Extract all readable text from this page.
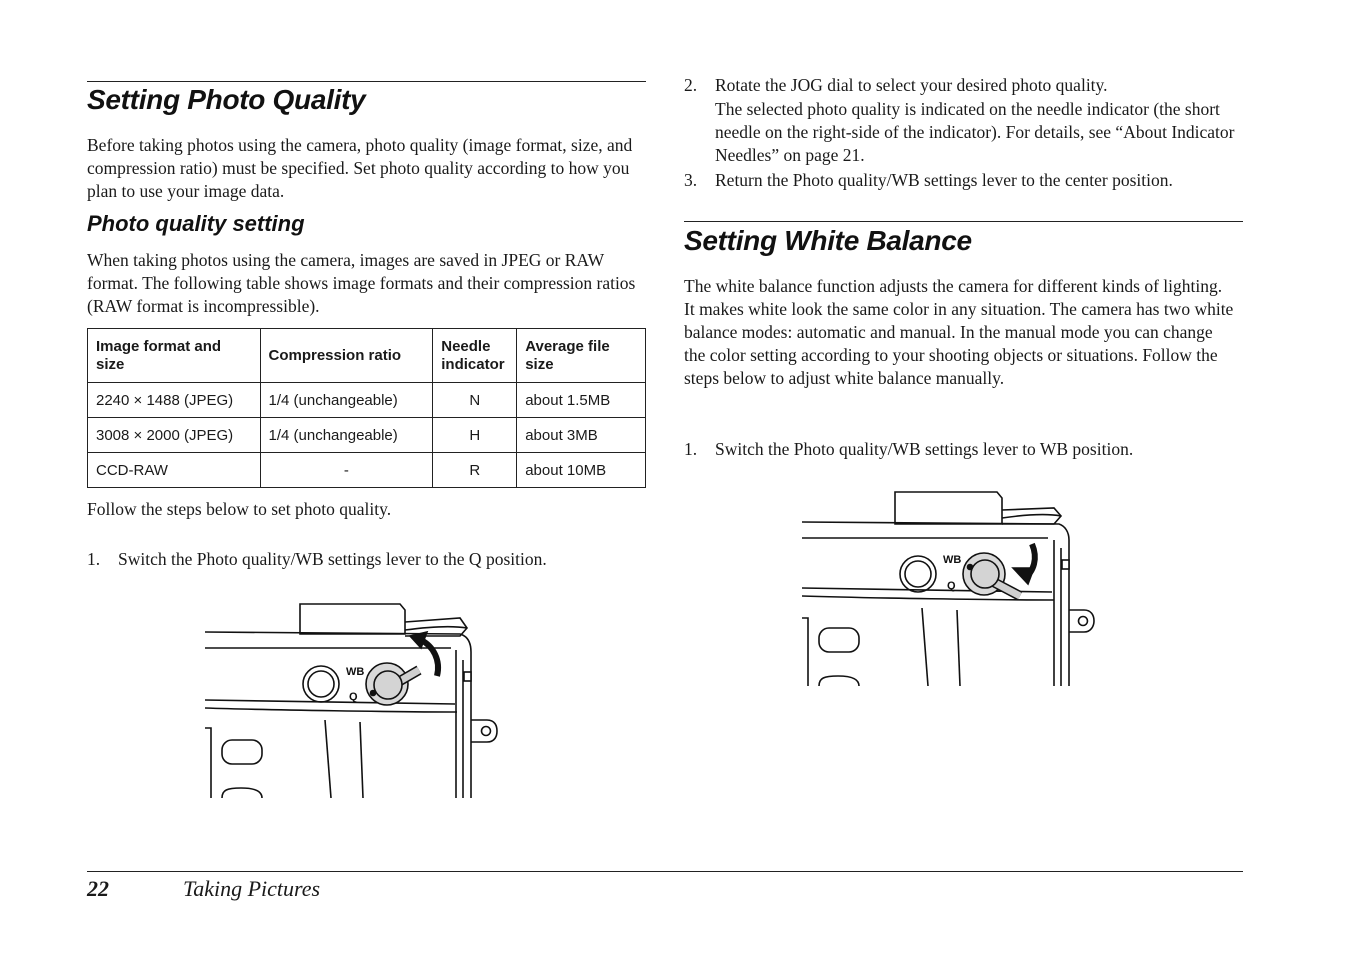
Setting Photo Quality

Before taking photos using the camera, photo quality (image format, size, and compression ratio) must be specified. Set photo quality according to how you plan to use your image data.

Photo quality setting

When taking photos using the camera, images are saved in JPEG or RAW format. The following table shows image formats and their compression ratios (RAW format is incompressible).

Image format and size	Compression ratio	Needle indicator	Average file size
2240 × 1488 (JPEG)	1/4 (unchangeable)	N	about 1.5MB
3008 × 2000 (JPEG)	1/4 (unchangeable)	H	about 3MB
CCD-RAW	-	R	about 10MB

Follow the steps below to set photo quality.

1. Switch the Photo quality/WB settings lever to the Q position.
WB
Q
2. Rotate the JOG dial to select your desired photo quality.
The selected photo quality is indicated on the needle indicator (the short needle on the right-side of the indicator). For details, see “About Indicator Needles” on page 21.
3. Return the Photo quality/WB settings lever to the center position.
Setting White Balance

The white balance function adjusts the camera for different kinds of lighting. It makes white look the same color in any situation. The camera has two white balance modes: automatic and manual. In the manual mode you can change the color setting according to your shooting objects or situations. Follow the steps below to adjust white balance manually.

1. Switch the Photo quality/WB settings lever to WB position.
WB
Q
22	Taking Pictures
